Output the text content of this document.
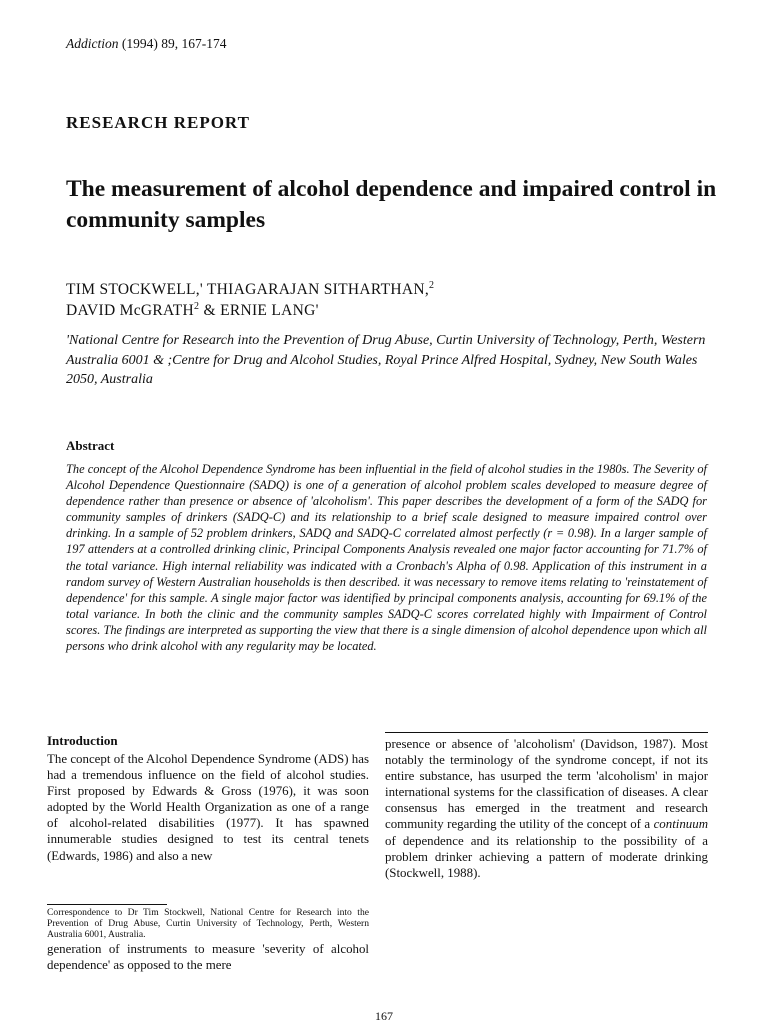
Addiction (1994) 89, 167-174
RESEARCH REPORT
The measurement of alcohol dependence and impaired control in community samples
TIM STOCKWELL,' THIAGARAJAN SITHARTHAN,$^2$
DAVID McGRATH$^2$ & ERNIE LANG'
'National Centre for Research into the Prevention of Drug Abuse, Curtin University of Technology, Perth, Western Australia 6001 & ;Centre for Drug and Alcohol Studies, Royal Prince Alfred Hospital, Sydney, New South Wales 2050, Australia
Abstract
The concept of the Alcohol Dependence Syndrome has been influential in the field of alcohol studies in the 1980s. The Severity of Alcohol Dependence Questionnaire (SADQ) is one of a generation of alcohol problem scales developed to measure degree of dependence rather than presence or absence of 'alcoholism'. This paper describes the development of a form of the SADQ for community samples of drinkers (SADQ-C) and its relationship to a brief scale designed to measure impaired control over drinking. In a sample of 52 problem drinkers, SADQ and SADQ-C correlated almost perfectly (r = 0.98). In a larger sample of 197 attenders at a controlled drinking clinic, Principal Components Analysis revealed one major factor accounting for 71.7% of the total variance. High internal reliability was indicated with a Cronbach's Alpha of 0.98. Application of this instrument in a random survey of Western Australian households is then described. it was necessary to remove items relating to 'reinstatement of dependence' for this sample. A single major factor was identified by principal components analysis, accounting for 69.1% of the total variance. In both the clinic and the community samples SADQ-C scores correlated highly with Impairment of Control scores. The findings are interpreted as supporting the view that there is a single dimension of alcohol dependence upon which all persons who drink alcohol with any regularity may be located.
Introduction

The concept of the Alcohol Dependence Syndrome (ADS) has had a tremendous influence on the field of alcohol studies. First proposed by Edwards & Gross (1976), it was soon adopted by the World Health Organization as one of a range of alcohol-related disabilities (1977). It has spawned innumerable studies designed to test its central tenets (Edwards, 1986) and also a new

presence or absence of 'alcoholism' (Davidson, 1987). Most notably the terminology of the syndrome concept, if not its entire substance, has usurped the term 'alcoholism' in major international systems for the classification of diseases. A clear consensus has emerged in the treatment and research community regarding the utility of the concept of a continuum of dependence and its relationship to the possibility of a problem drinker achieving a pattern of moderate drinking (Stockwell, 1988).
Correspondence to Dr Tim Stockwell, National Centre for Research into the Prevention of Drug Abuse, Curtin University of Technology, Perth, Western Australia 6001, Australia.
generation of instruments to measure 'severity of alcohol dependence' as opposed to the mere
167
